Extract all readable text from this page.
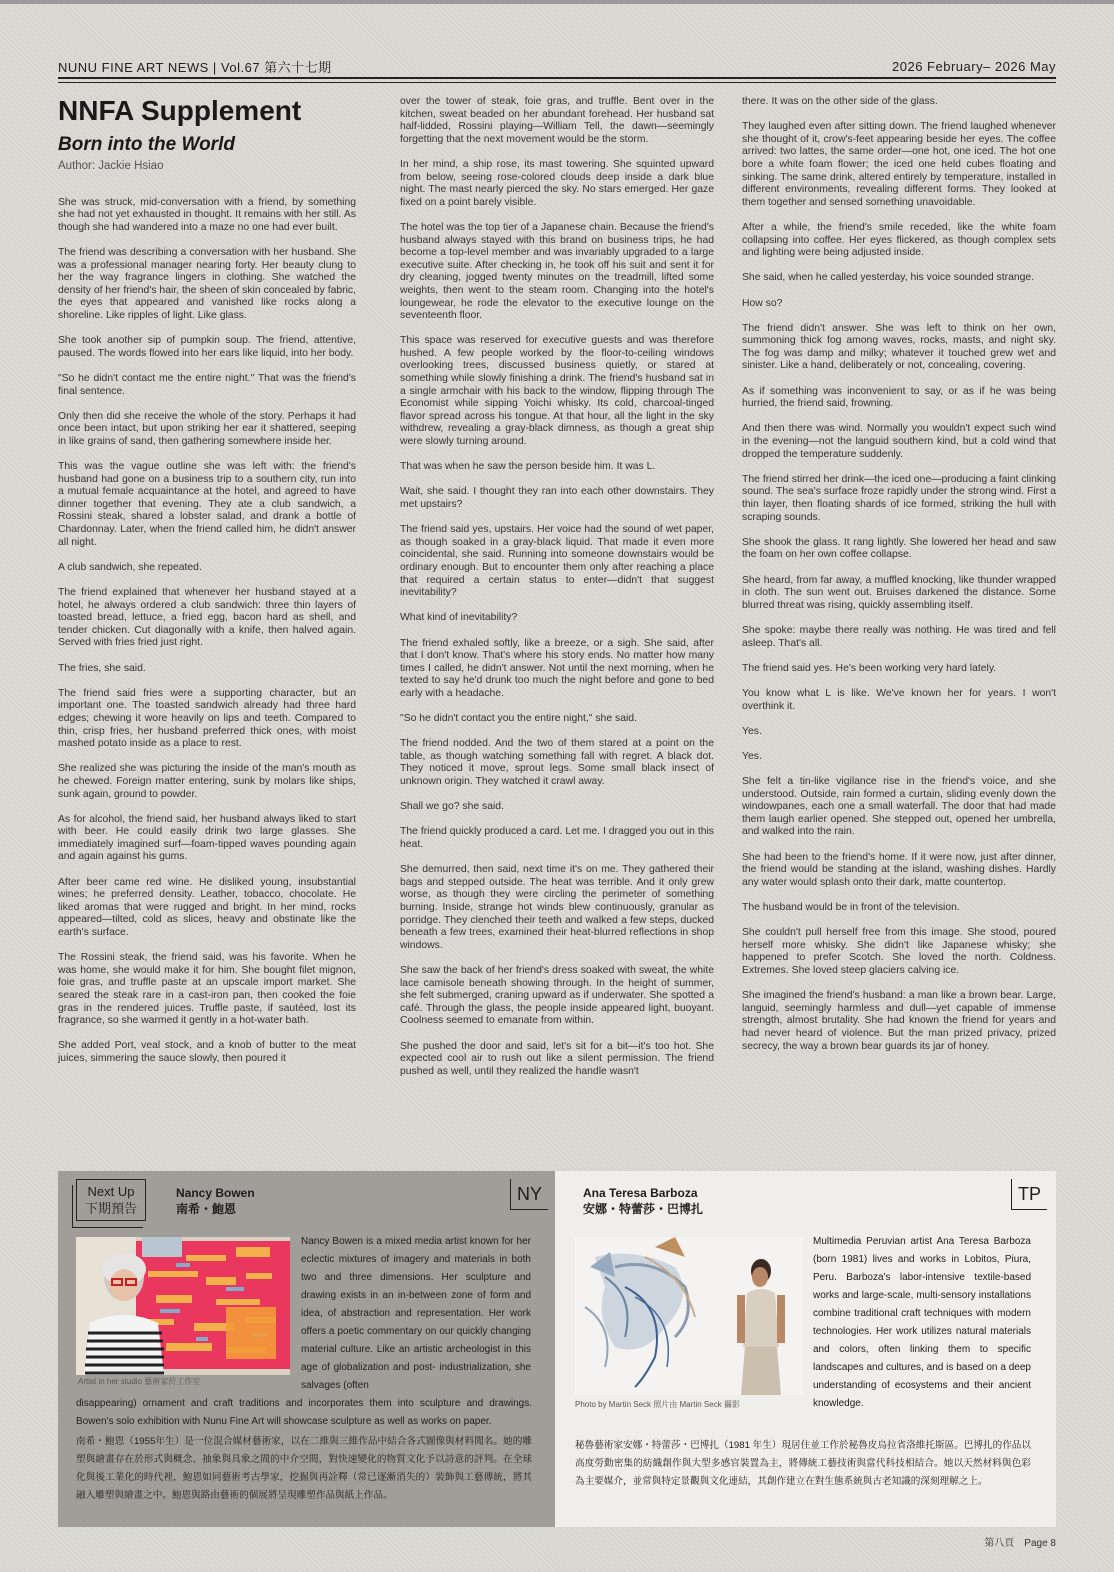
NUNU FINE ART NEWS | Vol.67 第六十七期	2026 February– 2026 May
NNFA Supplement
Born into the World

Author: Jackie Hsiao

She was struck, mid-conversation with a friend, by something she had not yet exhausted in thought. It remains with her still. As though she had wandered into a maze no one had ever built.

The friend was describing a conversation with her husband. She was a professional manager nearing forty. Her beauty clung to her the way fragrance lingers in clothing. She watched the density of her friend's hair, the sheen of skin concealed by fabric, the eyes that appeared and vanished like rocks along a shoreline. Like ripples of light. Like glass.

She took another sip of pumpkin soup. The friend, attentive, paused. The words flowed into her ears like liquid, into her body.

"So he didn't contact me the entire night." That was the friend's final sentence.

Only then did she receive the whole of the story. Perhaps it had once been intact, but upon striking her ear it shattered, seeping in like grains of sand, then gathering somewhere inside her.

This was the vague outline she was left with: the friend's husband had gone on a business trip to a southern city, run into a mutual female acquaintance at the hotel, and agreed to have dinner together that evening. They ate a club sandwich, a Rossini steak, shared a lobster salad, and drank a bottle of Chardonnay. Later, when the friend called him, he didn't answer all night.

A club sandwich, she repeated.

The friend explained that whenever her husband stayed at a hotel, he always ordered a club sandwich: three thin layers of toasted bread, lettuce, a fried egg, bacon hard as shell, and tender chicken. Cut diagonally with a knife, then halved again. Served with fries fried just right.

The fries, she said.

The friend said fries were a supporting character, but an important one. The toasted sandwich already had three hard edges; chewing it wore heavily on lips and teeth. Compared to thin, crisp fries, her husband preferred thick ones, with moist mashed potato inside as a place to rest.

She realized she was picturing the inside of the man's mouth as he chewed. Foreign matter entering, sunk by molars like ships, sunk again, ground to powder.

As for alcohol, the friend said, her husband always liked to start with beer. He could easily drink two large glasses. She immediately imagined surf—foam-tipped waves pounding again and again against his gums.

After beer came red wine. He disliked young, insubstantial wines; he preferred density. Leather, tobacco, chocolate. He liked aromas that were rugged and bright. In her mind, rocks appeared—tilted, cold as slices, heavy and obstinate like the earth's surface.

The Rossini steak, the friend said, was his favorite. When he was home, she would make it for him. She bought filet mignon, foie gras, and truffle paste at an upscale import market. She seared the steak rare in a cast-iron pan, then cooked the foie gras in the rendered juices. Truffle paste, if sautéed, lost its fragrance, so she warmed it gently in a hot-water bath.

She added Port, veal stock, and a knob of butter to the meat juices, simmering the sauce slowly, then poured it

over the tower of steak, foie gras, and truffle. Bent over in the kitchen, sweat beaded on her abundant forehead. Her husband sat half-lidded, Rossini playing—William Tell, the dawn—seemingly forgetting that the next movement would be the storm.

In her mind, a ship rose, its mast towering. She squinted upward from below, seeing rose-colored clouds deep inside a dark blue night. The mast nearly pierced the sky. No stars emerged. Her gaze fixed on a point barely visible.

The hotel was the top tier of a Japanese chain. Because the friend's husband always stayed with this brand on business trips, he had become a top-level member and was invariably upgraded to a large executive suite. After checking in, he took off his suit and sent it for dry cleaning, jogged twenty minutes on the treadmill, lifted some weights, then went to the steam room. Changing into the hotel's loungewear, he rode the elevator to the executive lounge on the seventeenth floor.

This space was reserved for executive guests and was therefore hushed. A few people worked by the floor-to-ceiling windows overlooking trees, discussed business quietly, or stared at something while slowly finishing a drink. The friend's husband sat in a single armchair with his back to the window, flipping through The Economist while sipping Yoichi whisky. Its cold, charcoal-tinged flavor spread across his tongue. At that hour, all the light in the sky withdrew, revealing a gray-black dimness, as though a great ship were slowly turning around.

That was when he saw the person beside him. It was L.

Wait, she said. I thought they ran into each other downstairs. They met upstairs?

The friend said yes, upstairs. Her voice had the sound of wet paper, as though soaked in a gray-black liquid. That made it even more coincidental, she said. Running into someone downstairs would be ordinary enough. But to encounter them only after reaching a place that required a certain status to enter—didn't that suggest inevitability?

What kind of inevitability?

The friend exhaled softly, like a breeze, or a sigh. She said, after that I don't know. That's where his story ends. No matter how many times I called, he didn't answer. Not until the next morning, when he texted to say he'd drunk too much the night before and gone to bed early with a headache.

"So he didn't contact you the entire night," she said.

The friend nodded. And the two of them stared at a point on the table, as though watching something fall with regret. A black dot. They noticed it move, sprout legs. Some small black insect of unknown origin. They watched it crawl away.

Shall we go? she said.

The friend quickly produced a card. Let me. I dragged you out in this heat.

She demurred, then said, next time it's on me. They gathered their bags and stepped outside. The heat was terrible. And it only grew worse, as though they were circling the perimeter of something burning. Inside, strange hot winds blew continuously, granular as porridge. They clenched their teeth and walked a few steps, ducked beneath a few trees, examined their heat-blurred reflections in shop windows.

She saw the back of her friend's dress soaked with sweat, the white lace camisole beneath showing through. In the height of summer, she felt submerged, craning upward as if underwater. She spotted a café. Through the glass, the people inside appeared light, buoyant. Coolness seemed to emanate from within.

She pushed the door and said, let's sit for a bit—it's too hot. She expected cool air to rush out like a silent permission. The friend pushed as well, until they realized the handle wasn't

there. It was on the other side of the glass.

They laughed even after sitting down. The friend laughed whenever she thought of it, crow's-feet appearing beside her eyes. The coffee arrived: two lattes, the same order—one hot, one iced. The hot one bore a white foam flower; the iced one held cubes floating and sinking. The same drink, altered entirely by temperature, installed in different environments, revealing different forms. They looked at them together and sensed something unavoidable.

After a while, the friend's smile receded, like the white foam collapsing into coffee. Her eyes flickered, as though complex sets and lighting were being adjusted inside.

She said, when he called yesterday, his voice sounded strange.

How so?

The friend didn't answer. She was left to think on her own, summoning thick fog among waves, rocks, masts, and night sky. The fog was damp and milky; whatever it touched grew wet and sinister. Like a hand, deliberately or not, concealing, covering.

As if something was inconvenient to say, or as if he was being hurried, the friend said, frowning.

And then there was wind. Normally you wouldn't expect such wind in the evening—not the languid southern kind, but a cold wind that dropped the temperature suddenly.

The friend stirred her drink—the iced one—producing a faint clinking sound. The sea's surface froze rapidly under the strong wind. First a thin layer, then floating shards of ice formed, striking the hull with scraping sounds.

She shook the glass. It rang lightly. She lowered her head and saw the foam on her own coffee collapse.

She heard, from far away, a muffled knocking, like thunder wrapped in cloth. The sun went out. Bruises darkened the distance. Some blurred threat was rising, quickly assembling itself.

She spoke: maybe there really was nothing. He was tired and fell asleep. That's all.

The friend said yes. He's been working very hard lately.

You know what L is like. We've known her for years. I won't overthink it.

Yes.

Yes.

She felt a tin-like vigilance rise in the friend's voice, and she understood. Outside, rain formed a curtain, sliding evenly down the windowpanes, each one a small waterfall. The door that had made them laugh earlier opened. She stepped out, opened her umbrella, and walked into the rain.

She had been to the friend's home. If it were now, just after dinner, the friend would be standing at the island, washing dishes. Hardly any water would splash onto their dark, matte countertop.

The husband would be in front of the television.

She couldn't pull herself free from this image. She stood, poured herself more whisky. She didn't like Japanese whisky; she happened to prefer Scotch. She loved the north. Coldness. Extremes. She loved steep glaciers calving ice.

She imagined the friend's husband: a man like a brown bear. Large, languid, seemingly harmless and dull—yet capable of immense strength, almost brutality. She had known the friend for years and had never heard of violence. But the man prized privacy, prized secrecy, the way a brown bear guards its jar of honey.

Next Up
下期預告
Nancy Bowen
南希・鮑恩
NY
Artist in her studio 藝術家於工作室
Nancy Bowen is a mixed media artist known for her eclectic mixtures of imagery and materials in both two and three dimensions. Her sculpture and drawing exists in an in-between zone of form and idea, of abstraction and representation. Her work offers a poetic commentary on our quickly changing material culture. Like an artistic archeologist in this age of globalization and post- industrialization, she salvages (often
disappearing) ornament and craft traditions and incorporates them into sculpture and drawings. Bowen's solo exhibition with Nunu Fine Art will showcase sculpture as well as works on paper.
南希・鮑恩（1955年生）是一位混合媒材藝術家，以在二維與三維作品中結合各式圖像與材料聞名。她的雕塑與繪畫存在於形式與概念、抽象與具象之間的中介空間，對快速變化的物質文化予以詩意的評判。在全球化與後工業化的時代裡，鮑恩如同藝術考古學家，挖掘與再詮釋（常已逐漸消失的）裝飾與工藝傳統，將其融入雕塑與繪畫之中。鮑恩與路由藝術的個展將呈現雕塑作品與紙上作品。
Ana Teresa Barboza
安娜・特蕾莎・巴博扎
TP
Photo by Martin Seck 照片由 Martin Seck 攝影
Multimedia Peruvian artist Ana Teresa Barboza (born 1981) lives and works in Lobitos, Piura, Peru. Barboza's labor-intensive textile-based works and large-scale, multi-sensory installations combine traditional craft techniques with modern technologies. Her work utilizes natural materials and colors, often linking them to specific landscapes and cultures, and is based on a deep understanding of ecosystems and their ancient knowledge.
秘魯藝術家安娜・特蕾莎・巴博扎（1981 年生）現居住並工作於秘魯皮烏拉省洛維托斯區。巴博扎的作品以高度勞動密集的紡織創作與大型多感官裝置為主，將傳統工藝技術與當代科技相結合。她以天然材料與色彩為主要媒介，並常與特定景觀與文化連結，其創作建立在對生態系統與古老知識的深刻理解之上。
第八頁　Page 8
